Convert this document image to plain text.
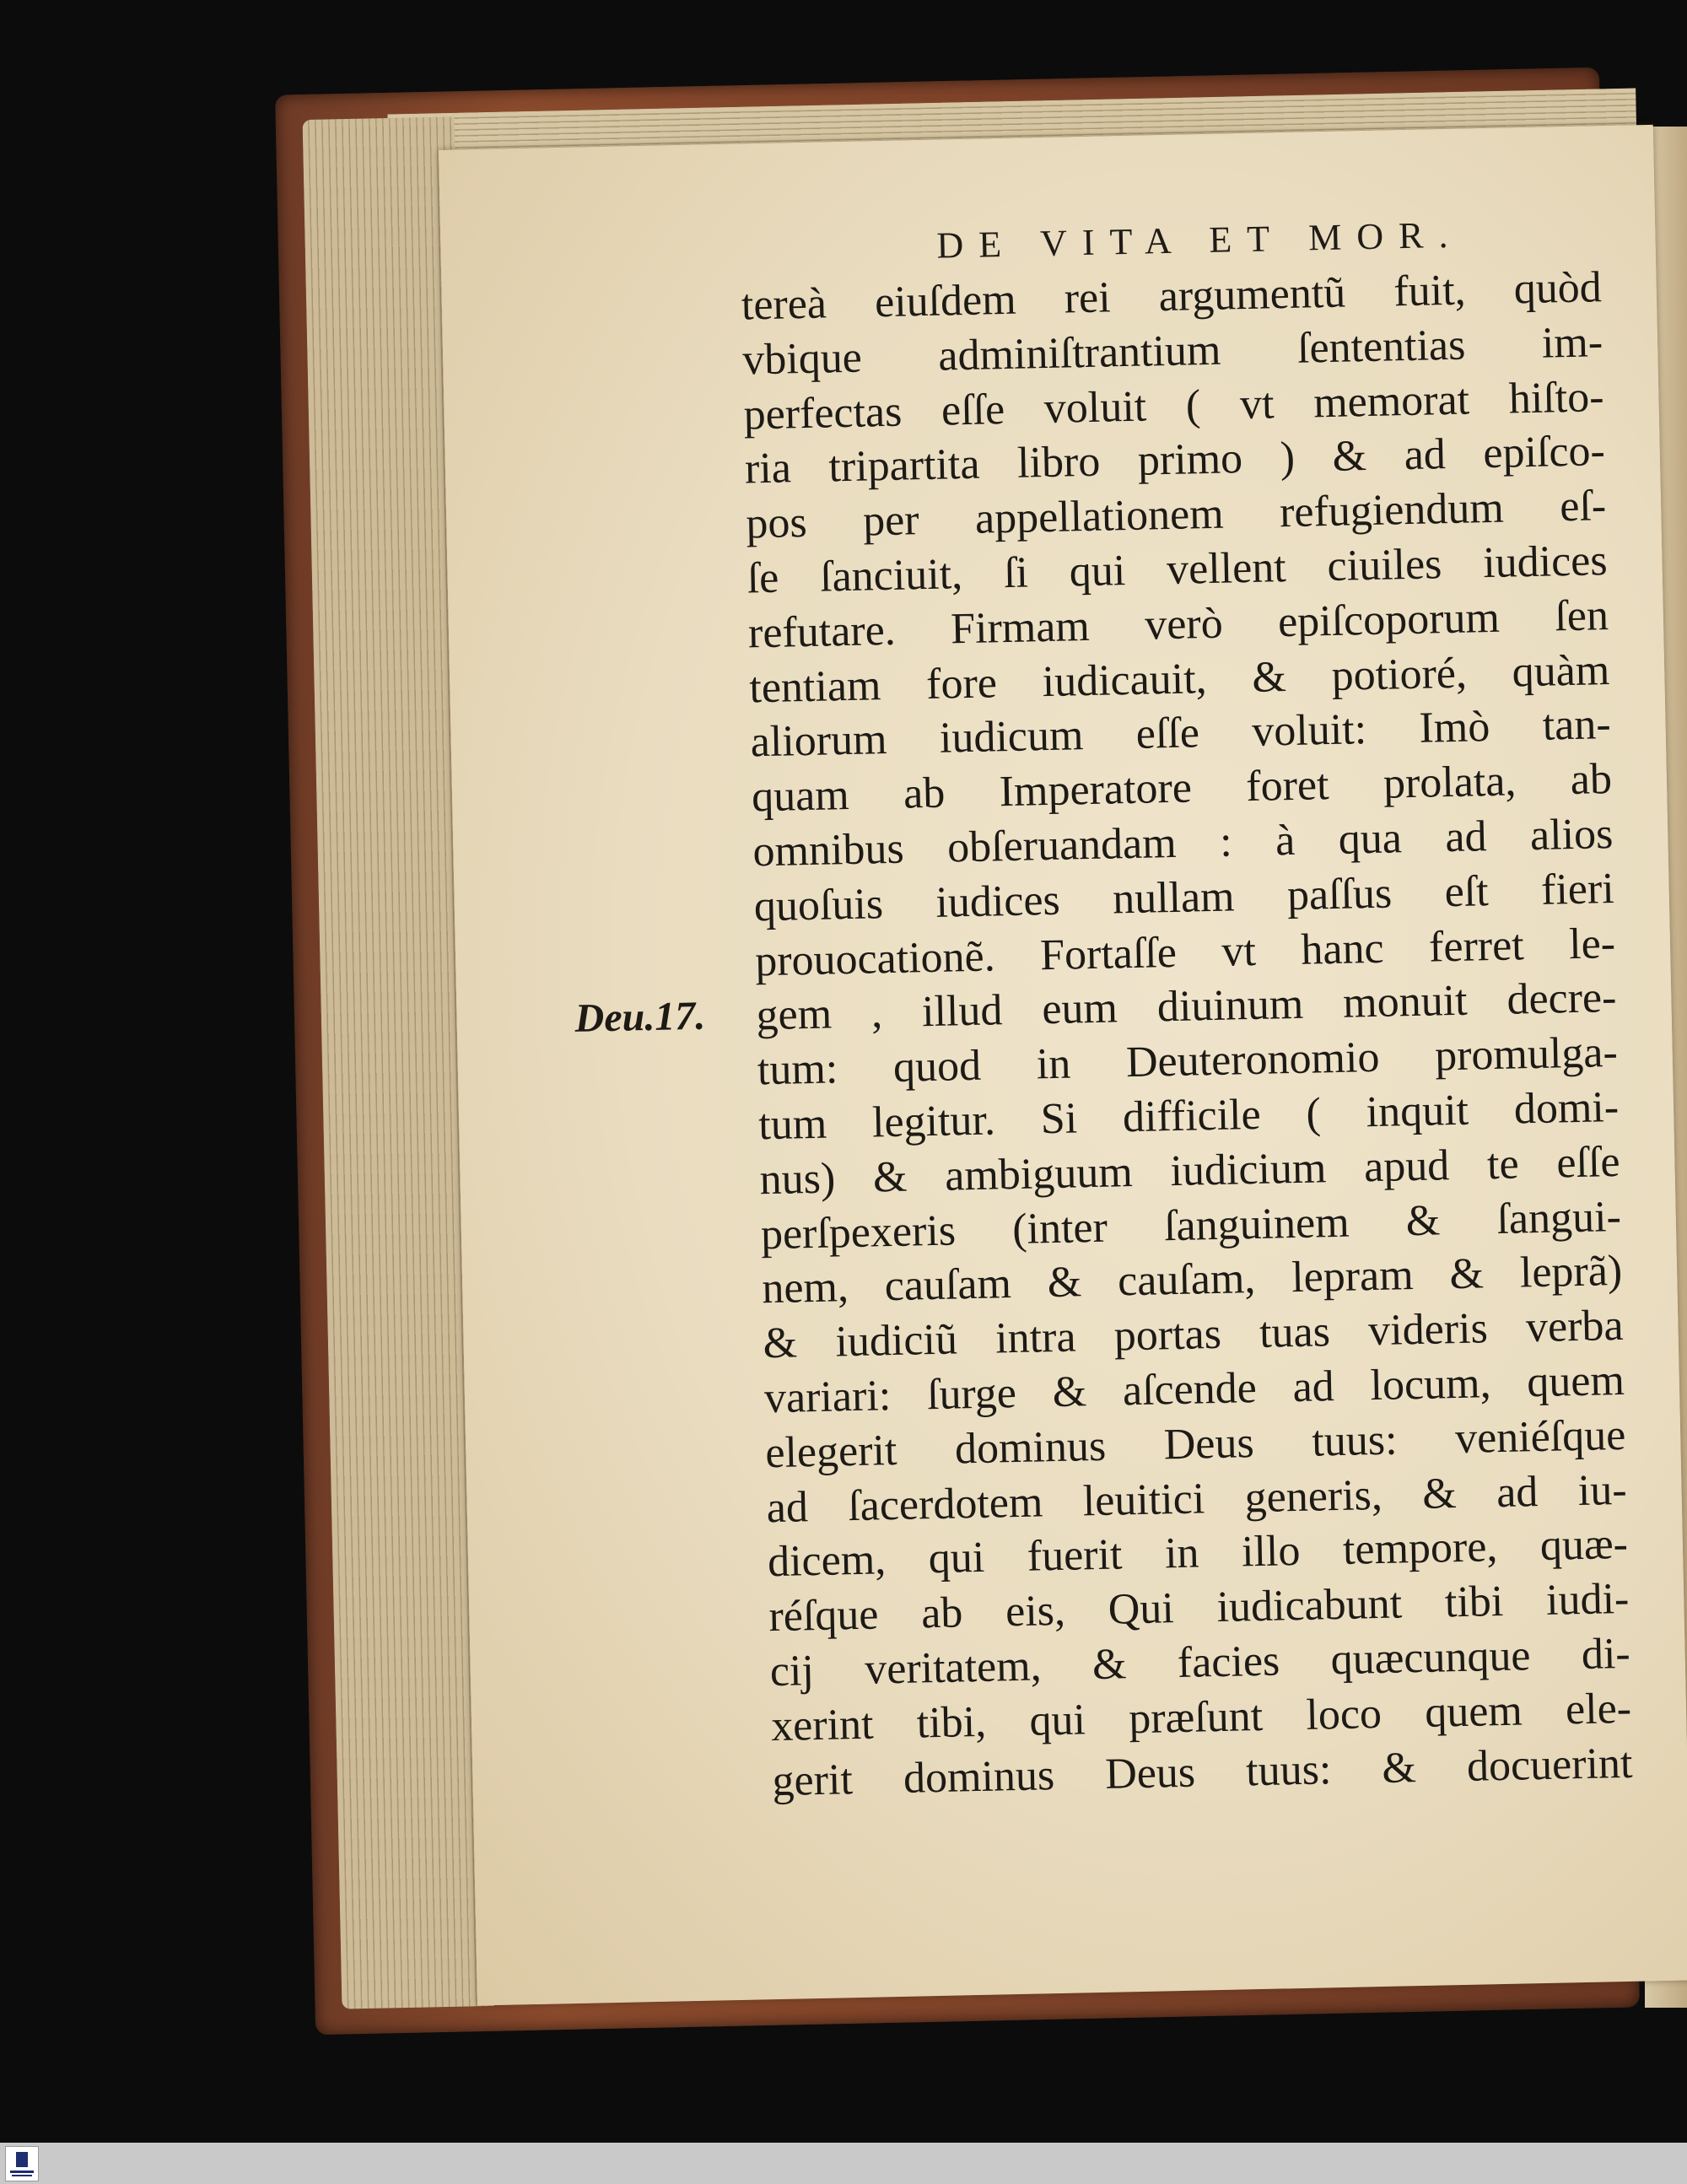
DE VITA ET MOR.
Deu.17.
tereà eiuſdem rei argumentũ fuit, quòd
vbique adminiſtrantium ſententias im-
perfectas eſſe voluit ( vt memorat hiſto-
ria tripartita libro primo ) & ad epiſco-
pos per appellationem refugiendum eſ-
ſe ſanciuit, ſi qui vellent ciuiles iudices
refutare. Firmam verò epiſcoporum ſen
tentiam fore iudicauit, & potioré, quàm
aliorum iudicum eſſe voluit: Imò tan-
quam ab Imperatore foret prolata, ab
omnibus obſeruandam : à qua ad alios
quoſuis iudices nullam paſſus eſt fieri
prouocationẽ. Fortaſſe vt hanc ferret le-
gem , illud eum diuinum monuit decre-
tum: quod in Deuteronomio promulga-
tum legitur. Si difficile ( inquit domi-
nus) & ambiguum iudicium apud te eſſe
perſpexeris (inter ſanguinem & ſangui-
nem, cauſam & cauſam, lepram & leprã)
& iudiciũ intra portas tuas videris verba
variari: ſurge & aſcende ad locum, quem
elegerit dominus Deus tuus: veniéſque
ad ſacerdotem leuitici generis, & ad iu-
dicem, qui fuerit in illo tempore, quæ-
réſque ab eis, Qui iudicabunt tibi iudi-
cij veritatem, & facies quæcunque di-
xerint tibi, qui præſunt loco quem ele-
gerit dominus Deus tuus: & docuerint
